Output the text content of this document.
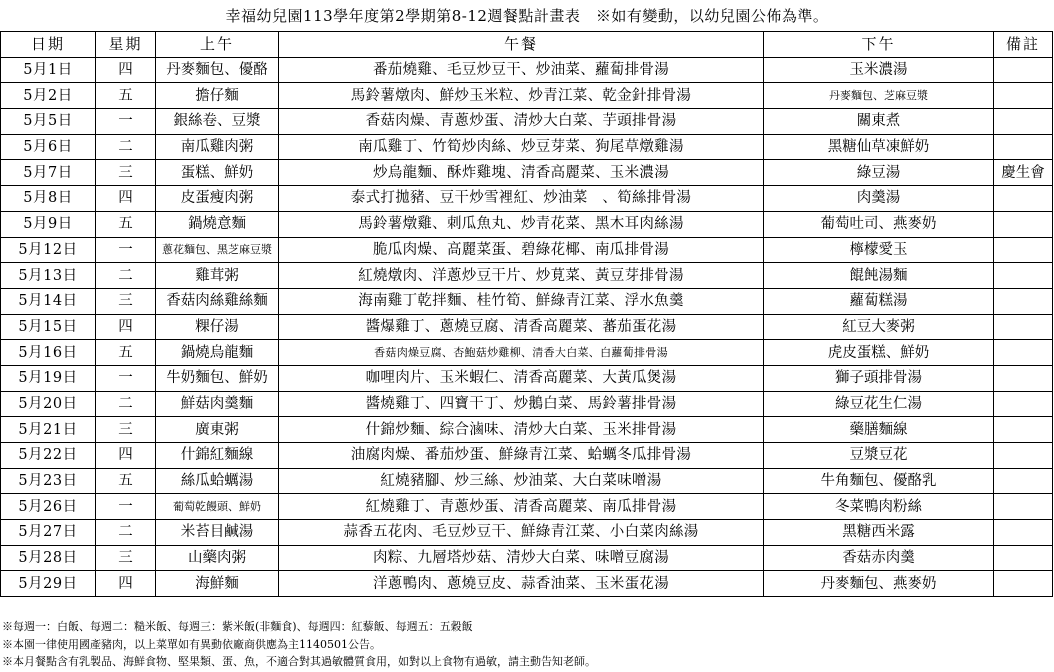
幸福幼兒園113學年度第2學期第8-12週餐點計畫表　※如有變動，以幼兒園公佈為準。
日期	星期	上午	午餐	下午	備註
5月1日	四	丹麥麵包、優酪	番茄燒雞、毛豆炒豆干、炒油菜、蘿蔔排骨湯	玉米濃湯	
5月2日	五	擔仔麵	馬鈴薯燉肉、鮮炒玉米粒、炒青江菜、乾金針排骨湯	丹麥麵包、芝麻豆漿	
5月5日	一	銀絲卷、豆漿	香菇肉燥、青蔥炒蛋、清炒大白菜、芋頭排骨湯	關東煮	
5月6日	二	南瓜雞肉粥	南瓜雞丁、竹筍炒肉絲、炒豆芽菜、狗尾草燉雞湯	黑糖仙草凍鮮奶	
5月7日	三	蛋糕、鮮奶	炒烏龍麵、酥炸雞塊、清香高麗菜、玉米濃湯	綠豆湯	慶生會
5月8日	四	皮蛋瘦肉粥	泰式打拋豬、豆干炒雪裡紅、炒油菜　、筍絲排骨湯	肉羹湯	
5月9日	五	鍋燒意麵	馬鈴薯燉雞、刺瓜魚丸、炒青花菜、黑木耳肉絲湯	葡萄吐司、燕麥奶	
5月12日	一	蔥花麵包、黑芝麻豆漿	脆瓜肉燥、高麗菜蛋、碧綠花椰、南瓜排骨湯	檸檬愛玉	
5月13日	二	雞茸粥	紅燒燉肉、洋蔥炒豆干片、炒莧菜、黃豆芽排骨湯	餛飩湯麵	
5月14日	三	香菇肉絲雞絲麵	海南雞丁乾拌麵、桂竹筍、鮮綠青江菜、浮水魚羹	蘿蔔糕湯	
5月15日	四	粿仔湯	醬爆雞丁、蔥燒豆腐、清香高麗菜、蕃茄蛋花湯	紅豆大麥粥	
5月16日	五	鍋燒烏龍麵	香菇肉燥豆腐、杏鮑菇炒雞柳、清香大白菜、白蘿蔔排骨湯	虎皮蛋糕、鮮奶	
5月19日	一	牛奶麵包、鮮奶	咖哩肉片、玉米蝦仁、清香高麗菜、大黃瓜煲湯	獅子頭排骨湯	
5月20日	二	鮮菇肉羹麵	醬燒雞丁、四寶干丁、炒鵝白菜、馬鈴薯排骨湯	綠豆花生仁湯	
5月21日	三	廣東粥	什錦炒麵、綜合滷味、清炒大白菜、玉米排骨湯	藥膳麵線	
5月22日	四	什錦紅麵線	油腐肉燥、番茄炒蛋、鮮綠青江菜、蛤蠣冬瓜排骨湯	豆漿豆花	
5月23日	五	絲瓜蛤蠣湯	紅燒豬腳、炒三絲、炒油菜、大白菜味噌湯	牛角麵包、優酪乳	
5月26日	一	葡萄乾饅頭、鮮奶	紅燒雞丁、青蔥炒蛋、清香高麗菜、南瓜排骨湯	冬菜鴨肉粉絲	
5月27日	二	米苔目鹹湯	蒜香五花肉、毛豆炒豆干、鮮綠青江菜、小白菜肉絲湯	黑糖西米露	
5月28日	三	山藥肉粥	肉粽、九層塔炒菇、清炒大白菜、味噌豆腐湯	香菇赤肉羹	
5月29日	四	海鮮麵	洋蔥鴨肉、蔥燒豆皮、蒜香油菜、玉米蛋花湯	丹麥麵包、燕麥奶	
※每週一：白飯、每週二：糙米飯、每週三：紫米飯(非麵食)、每週四：紅藜飯、每週五：五穀飯
※本園一律使用國產豬肉，以上菜單如有異動依廠商供應為主1140501公告。
※本月餐點含有乳製品、海鮮食物、堅果類、蛋、魚，不適合對其過敏體質食用，如對以上食物有過敏，請主動告知老師。
